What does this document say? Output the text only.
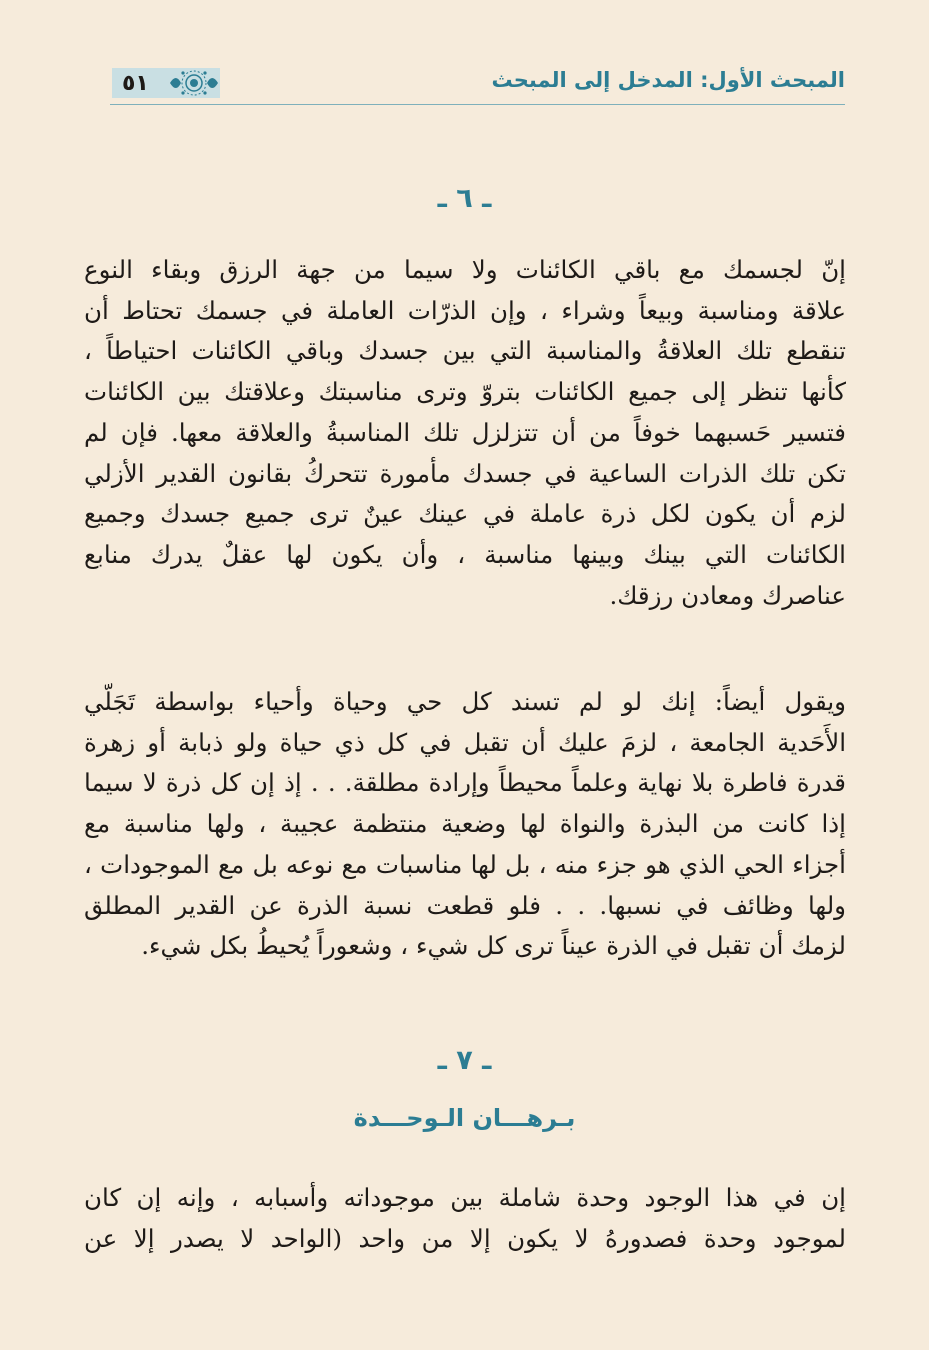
المبحث الأول: المدخل إلى المبحث
٥١
ـ ٦ ـ
إنّ لجسمك مع باقي الكائنات ولا سيما من جهة الرزق وبقاء النوع
علاقة ومناسبة وبيعاً وشراء ، وإن الذرّات العاملة في جسمك تحتاط أن
تنقطع تلك العلاقةُ والمناسبة التي بين جسدك وباقي الكائنات احتياطاً ،
كأنها تنظر إلى جميع الكائنات بتروّ وترى مناسبتك وعلاقتك بين الكائنات
فتسير حَسبهما خوفاً من أن تتزلزل تلك المناسبةُ والعلاقة معها. فإن لم
تكن تلك الذرات الساعية في جسدك مأمورة تتحركُ بقانون القدير الأزلي
لزم أن يكون لكل ذرة عاملة في عينك عينٌ ترى جميع جسدك وجميع
الكائنات التي بينك وبينها مناسبة ، وأن يكون لها عقلٌ يدرك منابع
عناصرك ومعادن رزقك.
ويقول أيضاً: إنك لو لم تسند كل حي وحياة وأحياء بواسطة تَجَلّي
الأَحَدية الجامعة ، لزمَ عليك أن تقبل في كل ذي حياة ولو ذبابة أو زهرة
قدرة فاطرة بلا نهاية وعلماً محيطاً وإرادة مطلقة. . . إذ إن كل ذرة لا سيما
إذا كانت من البذرة والنواة لها وضعية منتظمة عجيبة ، ولها مناسبة مع
أجزاء الحي الذي هو جزء منه ، بل لها مناسبات مع نوعه بل مع الموجودات ،
ولها وظائف في نسبها. . . فلو قطعت نسبة الذرة عن القدير المطلق
لزمك أن تقبل في الذرة عيناً ترى كل شيء ، وشعوراً يُحيطُ بكل شيء.
ـ ٧ ـ
بـرهـــان الـوحـــدة
إن في هذا الوجود وحدة شاملة بين موجوداته وأسبابه ، وإنه إن كان
لموجود وحدة فصدورهُ لا يكون إلا من واحد (الواحد لا يصدر إلا عن
